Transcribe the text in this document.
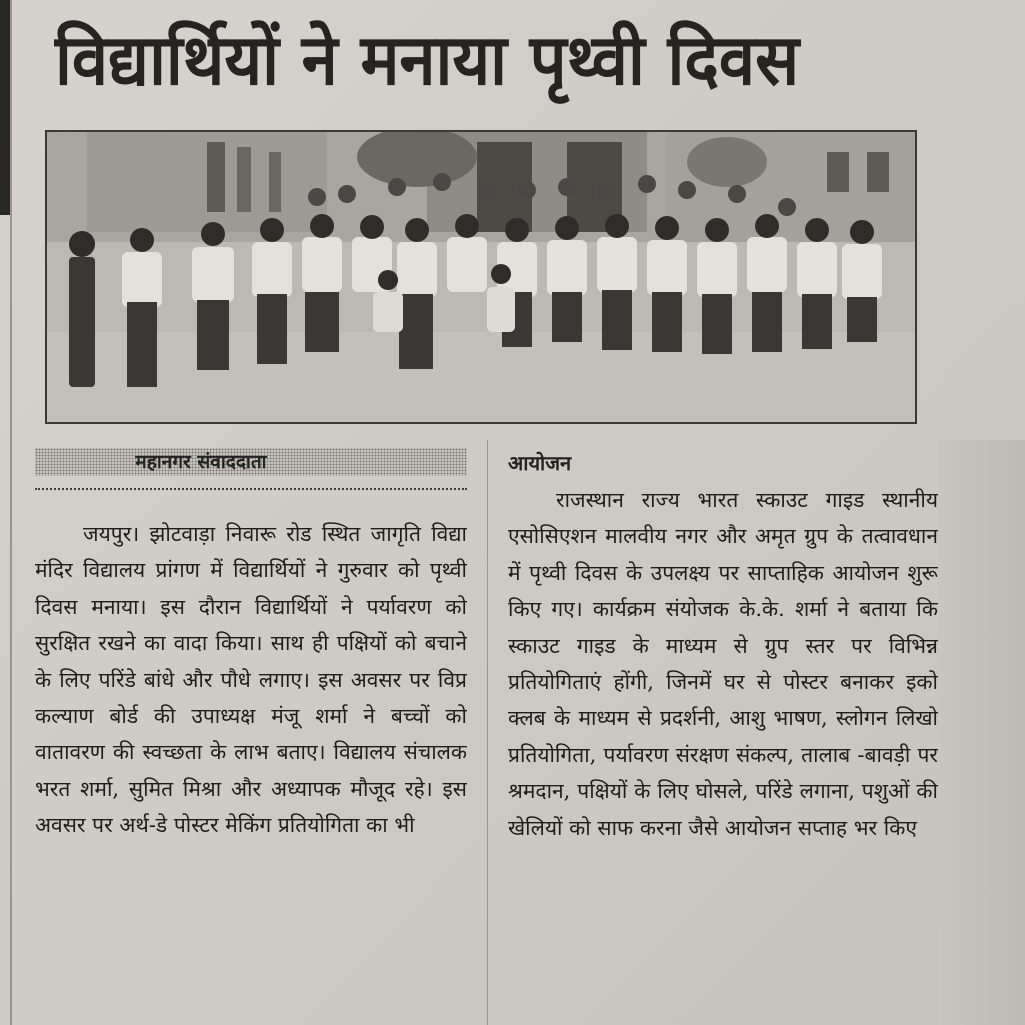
विद्यार्थियों ने मनाया पृथ्वी दिवस
महानगर संवाददाता

जयपुर। झोटवाड़ा निवारू रोड स्थित जागृति विद्या मंदिर विद्यालय प्रांगण में विद्यार्थियों ने गुरुवार को पृथ्वी दिवस मनाया। इस दौरान विद्यार्थियों ने पर्यावरण को सुरक्षित रखने का वादा किया। साथ ही पक्षियों को बचाने के लिए परिंडे बांधे और पौधे लगाए। इस अवसर पर विप्र कल्याण बोर्ड की उपाध्यक्ष मंजू शर्मा ने बच्चों को वातावरण की स्वच्छता के लाभ बताए। विद्यालय संचालक भरत शर्मा, सुमित मिश्रा और अध्यापक मौजूद रहे। इस अवसर पर अर्थ-डे पोस्टर मेकिंग प्रतियोगिता का भी

आयोजन

राजस्थान राज्य भारत स्काउट गाइड स्थानीय एसोसिएशन मालवीय नगर और अमृत ग्रुप के तत्वावधान में पृथ्वी दिवस के उपलक्ष्य पर साप्ताहिक आयोजन शुरू किए गए। कार्यक्रम संयोजक के.के. शर्मा ने बताया कि स्काउट गाइड के माध्यम से ग्रुप स्तर पर विभिन्न प्रतियोगिताएं होंगी, जिनमें घर से पोस्टर बनाकर इको क्लब के माध्यम से प्रदर्शनी, आशु भाषण, स्लोगन लिखो प्रतियोगिता, पर्यावरण संरक्षण संकल्प, तालाब -बावड़ी पर श्रमदान, पक्षियों के लिए घोसले, परिंडे लगाना, पशुओं की खेलियों को साफ करना जैसे आयोजन सप्ताह भर किए
